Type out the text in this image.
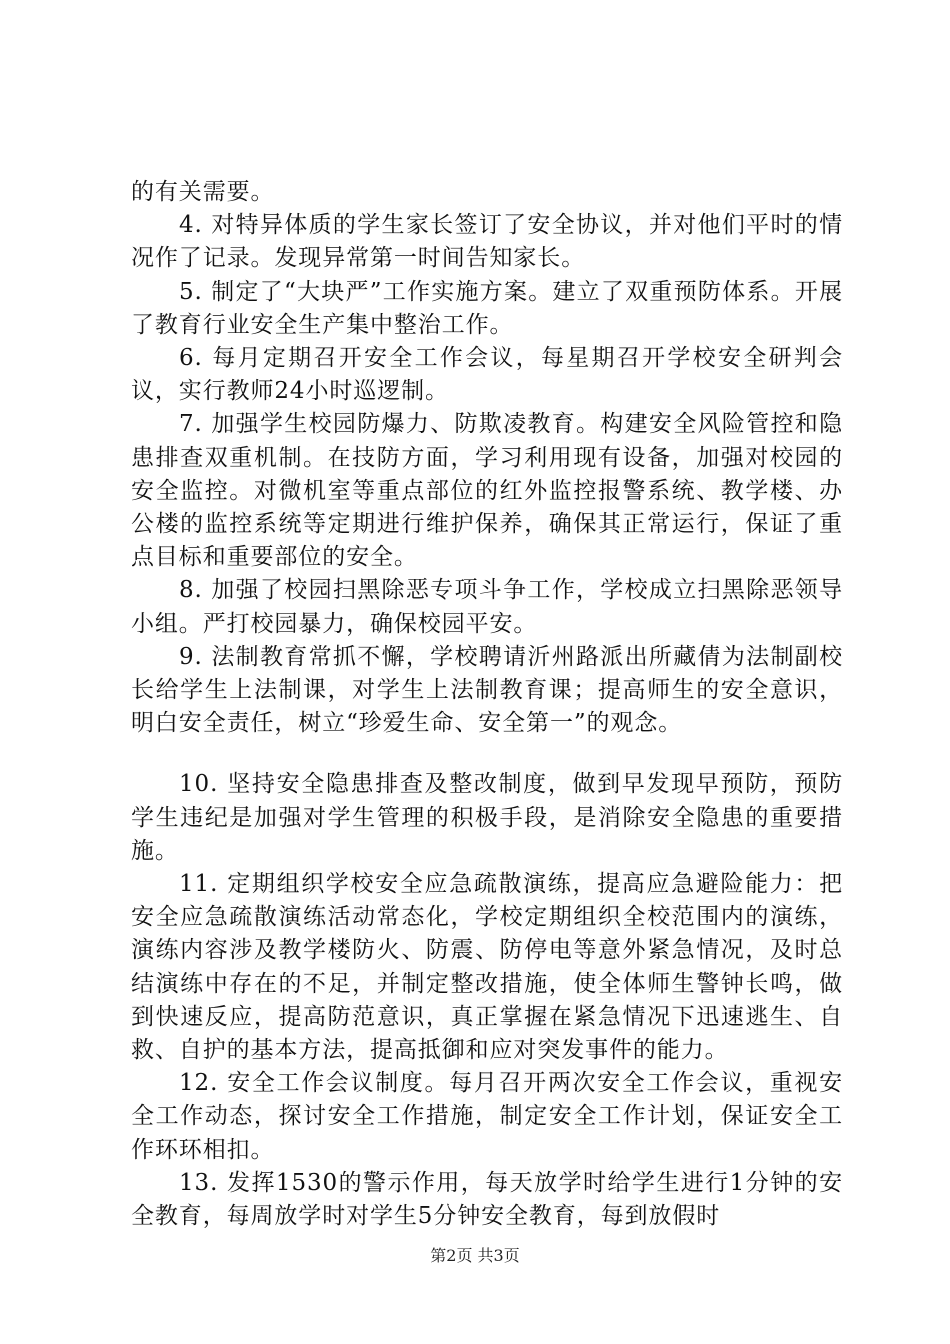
的有关需要。

4. 对特异体质的学生家长签订了安全协议，并对他们平时的情况作了记录。发现异常第一时间告知家长。

5. 制定了“大块严”工作实施方案。建立了双重预防体系。开展了教育行业安全生产集中整治工作。

6. 每月定期召开安全工作会议，每星期召开学校安全研判会议，实行教师24小时巡逻制。

7. 加强学生校园防爆力、防欺凌教育。构建安全风险管控和隐患排查双重机制。在技防方面，学习利用现有设备，加强对校园的安全监控。对微机室等重点部位的红外监控报警系统、教学楼、办公楼的监控系统等定期进行维护保养，确保其正常运行，保证了重点目标和重要部位的安全。

8. 加强了校园扫黑除恶专项斗争工作，学校成立扫黑除恶领导小组。严打校园暴力，确保校园平安。

9. 法制教育常抓不懈，学校聘请沂州路派出所藏倩为法制副校长给学生上法制课，对学生上法制教育课；提高师生的安全意识，明白安全责任，树立“珍爱生命、安全第一”的观念。

10. 坚持安全隐患排查及整改制度，做到早发现早预防，预防学生违纪是加强对学生管理的积极手段，是消除安全隐患的重要措施。

11. 定期组织学校安全应急疏散演练，提高应急避险能力：把安全应急疏散演练活动常态化，学校定期组织全校范围内的演练，演练内容涉及教学楼防火、防震、防停电等意外紧急情况，及时总结演练中存在的不足，并制定整改措施，使全体师生警钟长鸣，做到快速反应，提高防范意识，真正掌握在紧急情况下迅速逃生、自救、自护的基本方法，提高抵御和应对突发事件的能力。

12. 安全工作会议制度。每月召开两次安全工作会议，重视安全工作动态，探讨安全工作措施，制定安全工作计划，保证安全工作环环相扣。

13. 发挥1530的警示作用，每天放学时给学生进行1分钟的安全教育，每周放学时对学生5分钟安全教育，每到放假时

第2页 共3页
